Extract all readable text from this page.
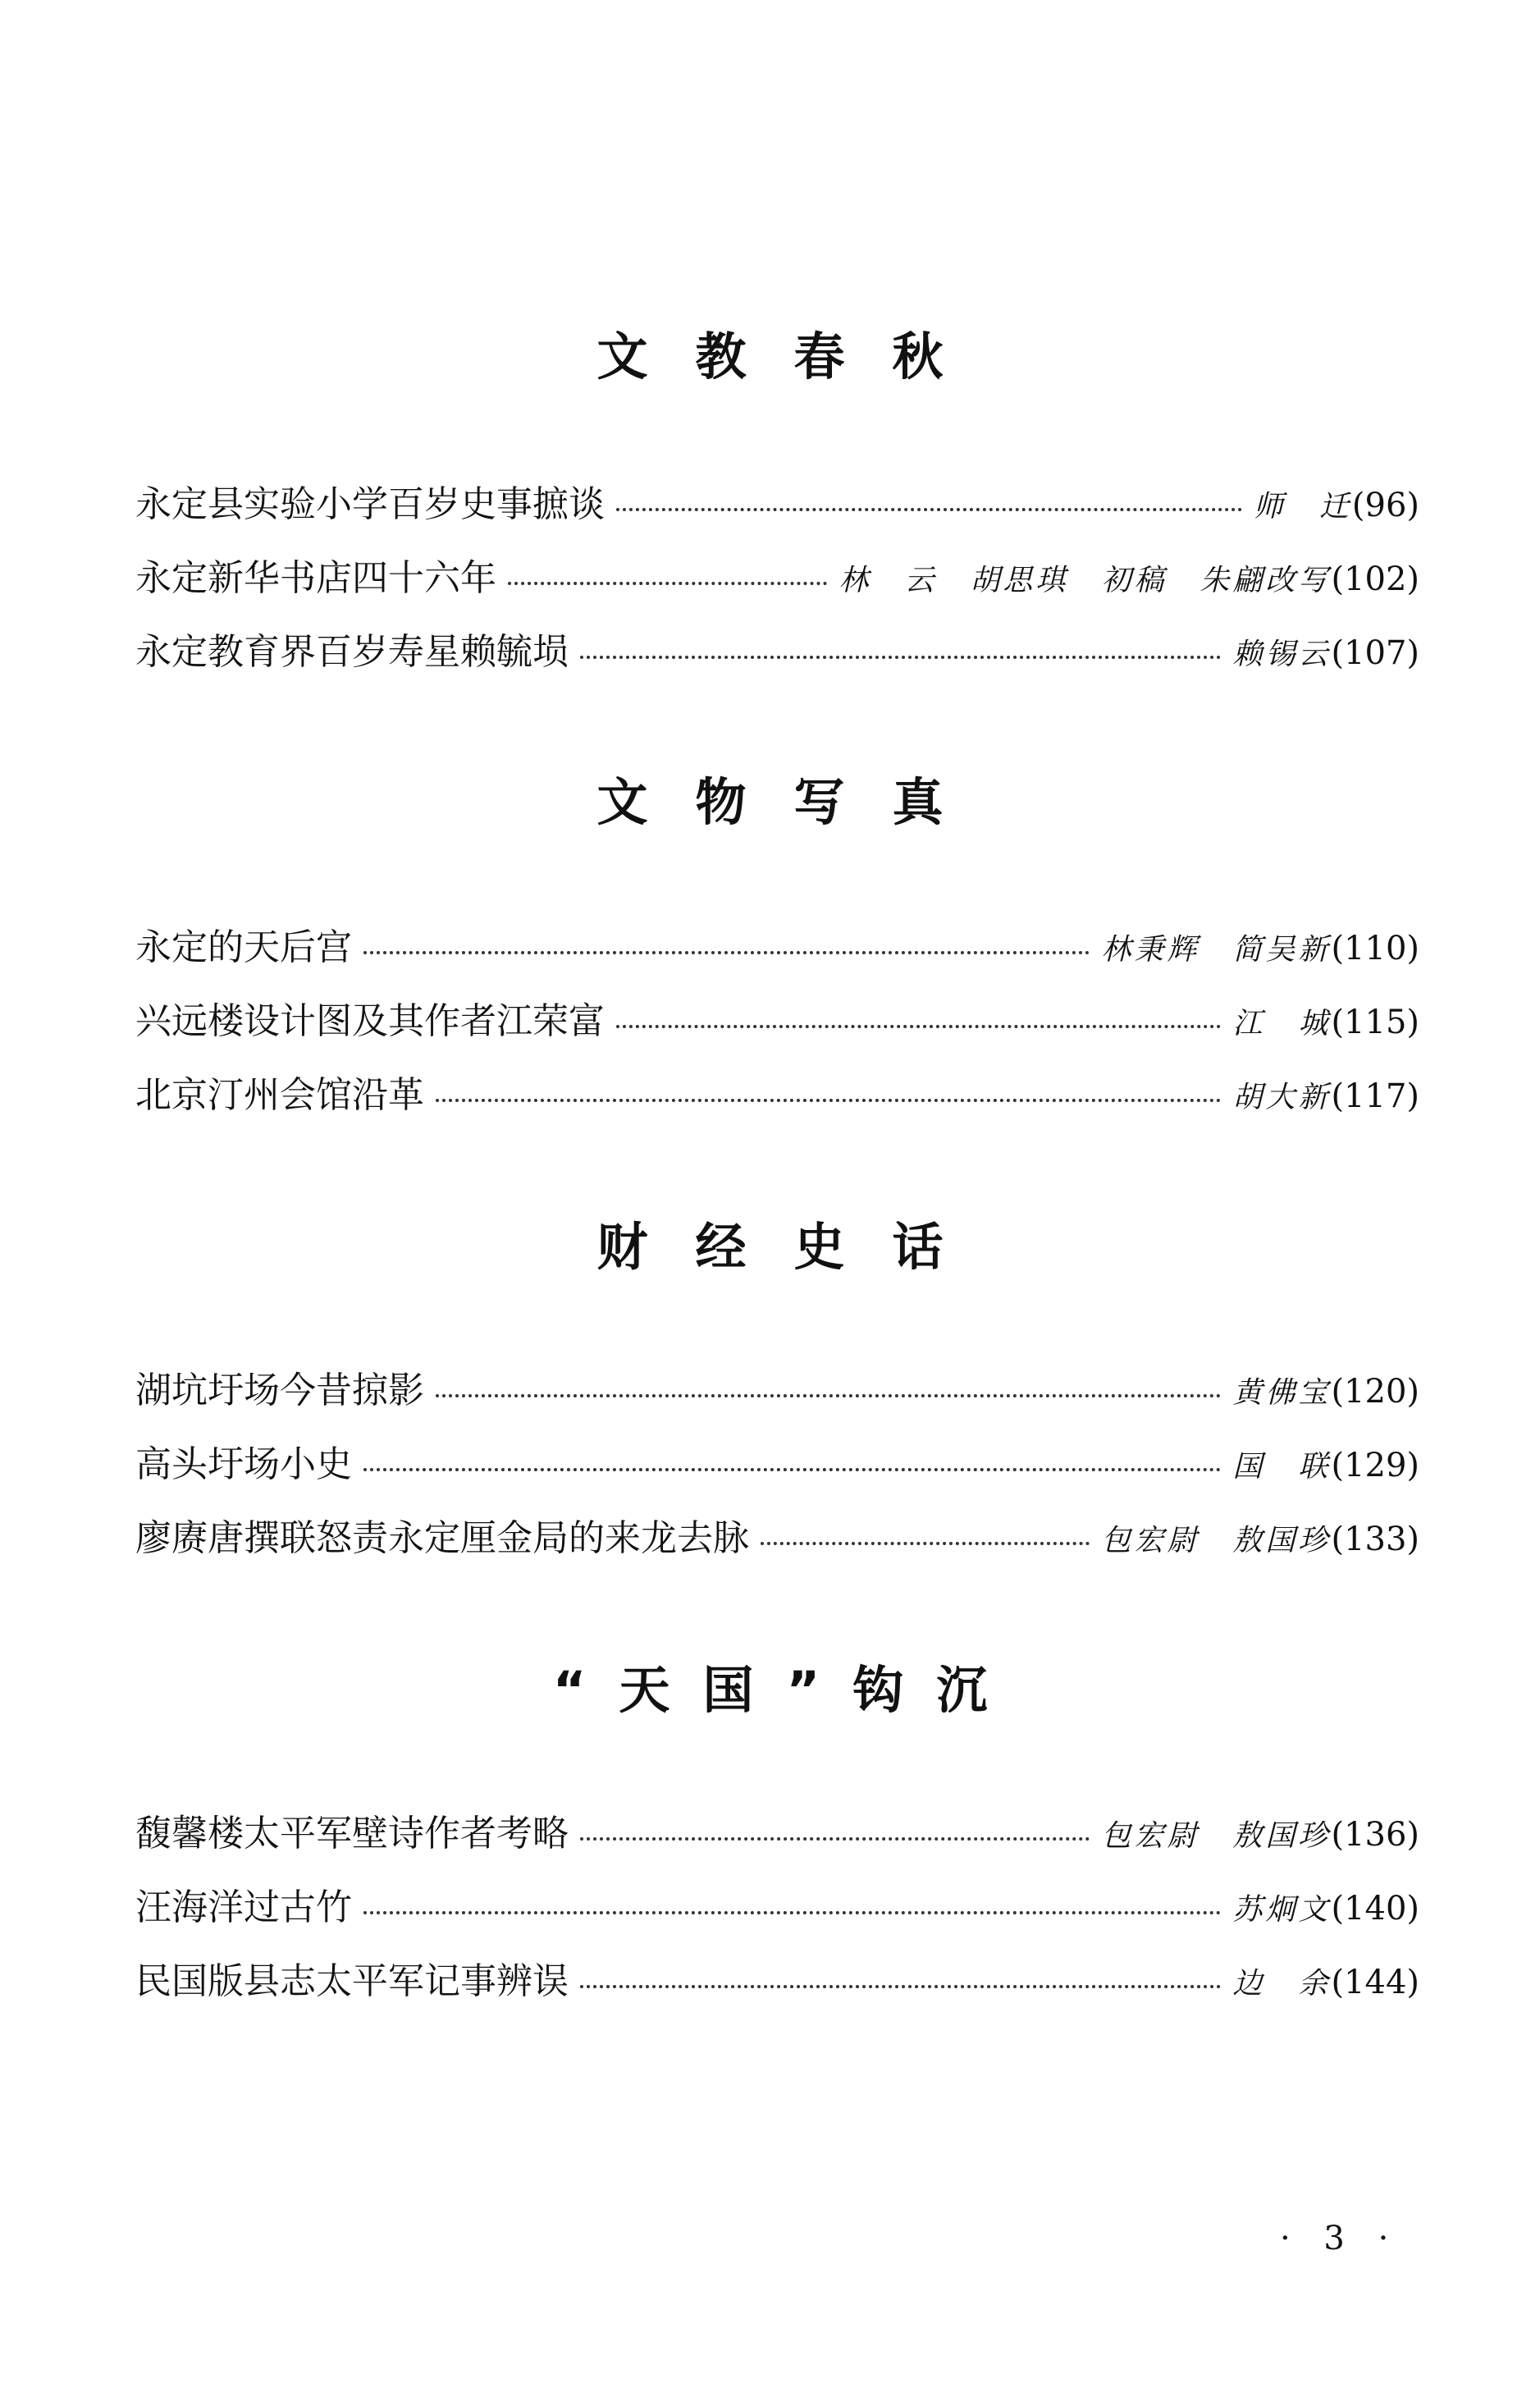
文教春秋
永定县实验小学百岁史事摭谈	师　迁 (96)
永定新华书店四十六年	林　云　胡思琪　初稿　朱翩改写 (102)
永定教育界百岁寿星赖毓埙	赖锡云 (107)
文物写真
永定的天后宫	林秉辉　简吴新 (110)
兴远楼设计图及其作者江荣富	江　城 (115)
北京汀州会馆沿革	胡大新 (117)
财经史话
湖坑圩场今昔掠影	黄佛宝 (120)
高头圩场小史	国　联 (129)
廖赓唐撰联怒责永定厘金局的来龙去脉	包宏尉　敖国珍 (133)
“天国”钩沉
馥馨楼太平军壁诗作者考略	包宏尉　敖国珍 (136)
汪海洋过古竹	苏炯文 (140)
民国版县志太平军记事辨误	边　余 (144)
· 3 ·
